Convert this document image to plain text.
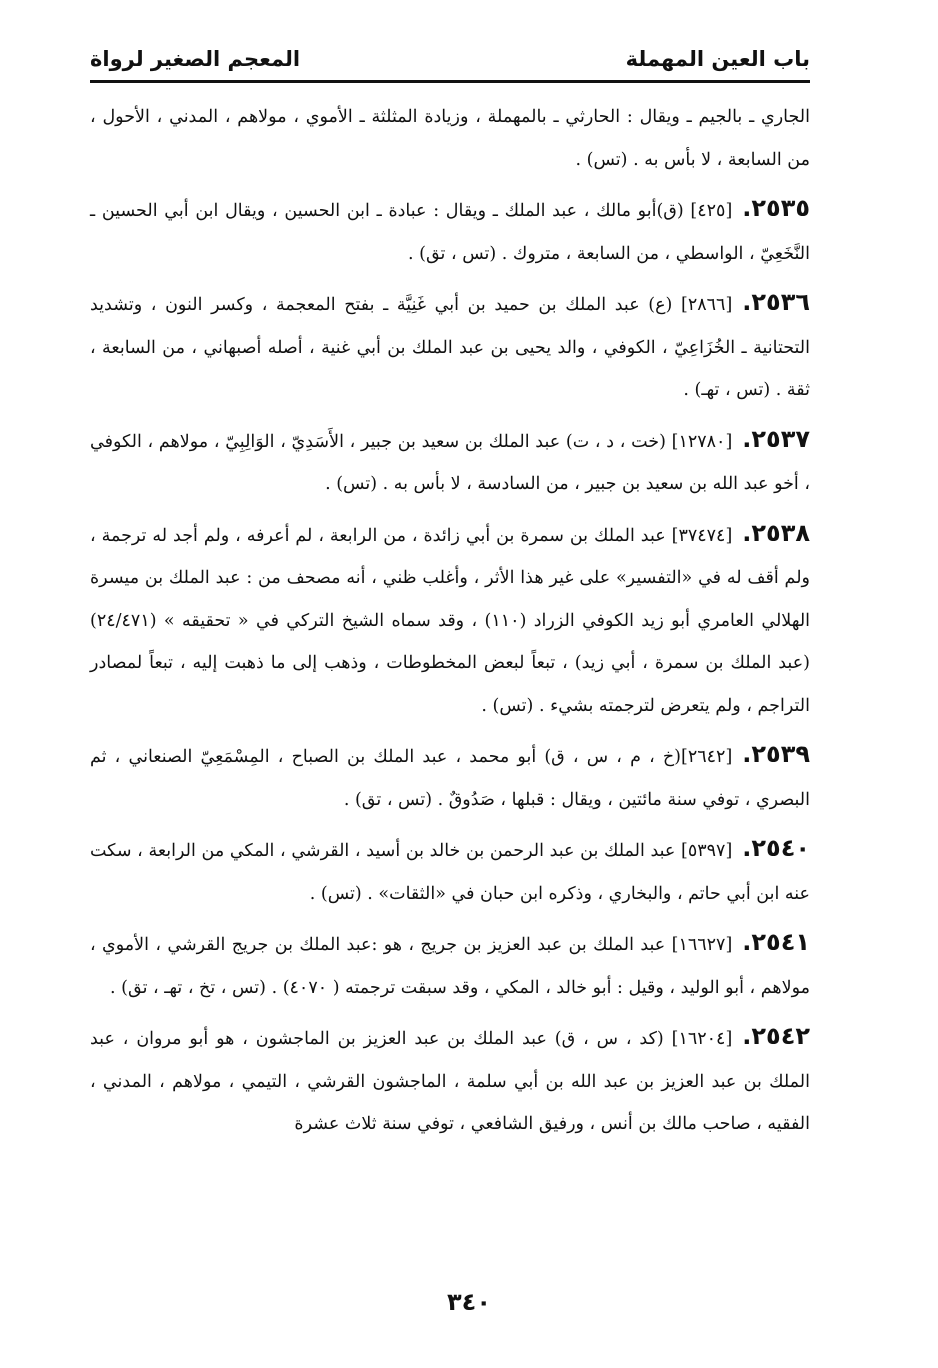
باب العين المهملة
المعجم الصغير لرواة

الجاري ـ بالجيم ـ ويقال : الحارثي ـ بالمهملة ، وزيادة المثلثة ـ الأموي ، مولاهم ، المدني ، الأحول ، من السابعة ، لا بأس به . (تس) .

٢٥٣٥.[٤٢٥] (ق)أبو مالك ، عبد الملك ـ ويقال : عبادة ـ ابن الحسين ، ويقال ابن أبي الحسين ـ النَّخَعِيّ ، الواسطي ، من السابعة ، متروك . (تس ، تق) .

٢٥٣٦.[٢٨٦٦] (ع) عبد الملك بن حميد بن أبي غَنِيَّة ـ بفتح المعجمة ، وكسر النون ، وتشديد التحتانية ـ الخُزَاعِيّ ، الكوفي ، والد يحيى بن عبد الملك بن أبي غنية ، أصله أصبهاني ، من السابعة ، ثقة . (تس ، تهـ) .

٢٥٣٧.[١٢٧٨٠] (خت ، د ، ت) عبد الملك بن سعيد بن جبير ، الأَسَدِيّ ، الوَالِبِيّ ، مولاهم ، الكوفي ، أخو عبد الله بن سعيد بن جبير ، من السادسة ، لا بأس به . (تس) .

٢٥٣٨.[٣٧٤٧٤] عبد الملك بن سمرة بن أبي زائدة ، من الرابعة ، لم أعرفه ، ولم أجد له ترجمة ، ولم أقف له في «التفسير» على غير هذا الأثر ، وأغلب ظني ، أنه مصحف من : عبد الملك بن ميسرة الهلالي العامري أبو زيد الكوفي الزراد (١١٠) ، وقد سماه الشيخ التركي في « تحقيقه » (٢٤/٤٧١) (عبد الملك بن سمرة ، أبي زيد) ، تبعاً لبعض المخطوطات ، وذهب إلى ما ذهبت إليه ، تبعاً لمصادر التراجم ، ولم يتعرض لترجمته بشيء . (تس) .

٢٥٣٩.[٢٦٤٢](خ ، م ، س ، ق) أبو محمد ، عبد الملك بن الصباح ، المِسْمَعِيّ الصنعاني ، ثم البصري ، توفي سنة مائتين ، ويقال : قبلها ، صَدُوقٌ . (تس ، تق) .

٢٥٤٠.[٥٣٩٧] عبد الملك بن عبد الرحمن بن خالد بن أسيد ، القرشي ، المكي من الرابعة ، سكت عنه ابن أبي حاتم ، والبخاري ، وذكره ابن حبان في «الثقات» . (تس) .

٢٥٤١.[١٦٦٢٧] عبد الملك بن عبد العزيز بن جريج ، هو :عبد الملك بن جريج القرشي ، الأموي ، مولاهم ، أبو الوليد ، وقيل : أبو خالد ، المكي ، وقد سبقت ترجمته ( ٤٠٧٠) . (تس ، تخ ، تهـ ، تق) .

٢٥٤٢.[١٦٢٠٤] (كد ، س ، ق) عبد الملك بن عبد العزيز بن الماجشون ، هو أبو مروان ، عبد الملك بن عبد العزيز بن عبد الله بن أبي سلمة ، الماجشون القرشي ، التيمي ، مولاهم ، المدني ، الفقيه ، صاحب مالك بن أنس ، ورفيق الشافعي ، توفي سنة ثلاث عشرة

٣٤٠
